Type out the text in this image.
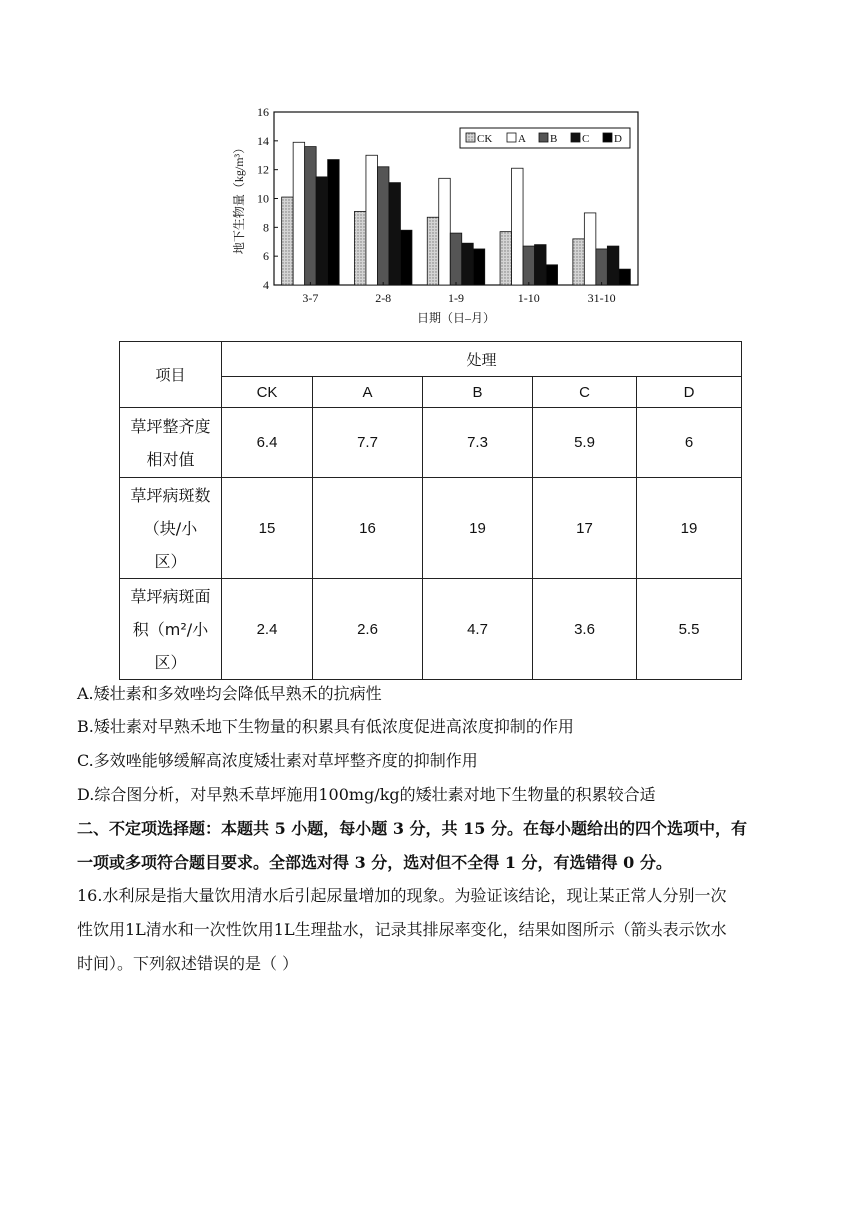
4
6
8
10
12
14
16
3-7	2-8	1-9	1-10	31-10
地下生物量（kg/m³）
日期（日–月）
CK A B C D
项目	处理				
	CK	A	B	C	D

草坪整齐度
相对值	6.4	7.7	7.3	5.9	6

草坪病斑数
（块/小
区）	15	16	19	17	19

草坪病斑面
积（m²/小
区）	2.4	2.6	4.7	3.6	5.5
A.矮壮素和多效唑均会降低早熟禾的抗病性
B.矮壮素对早熟禾地下生物量的积累具有低浓度促进高浓度抑制的作用
C.多效唑能够缓解高浓度矮壮素对草坪整齐度的抑制作用
D.综合图分析，对早熟禾草坪施用100mg/kg的矮壮素对地下生物量的积累较合适
二、不定项选择题：本题共 5 小题，每小题 3 分，共 15 分。在每小题给出的四个选项中，有
一项或多项符合题目要求。全部选对得 3 分，选对但不全得 1 分，有选错得 0 分。
16.水利尿是指大量饮用清水后引起尿量增加的现象。为验证该结论，现让某正常人分别一次
性饮用1L清水和一次性饮用1L生理盐水，记录其排尿率变化，结果如图所示（箭头表示饮水
时间）。下列叙述错误的是（ ）
